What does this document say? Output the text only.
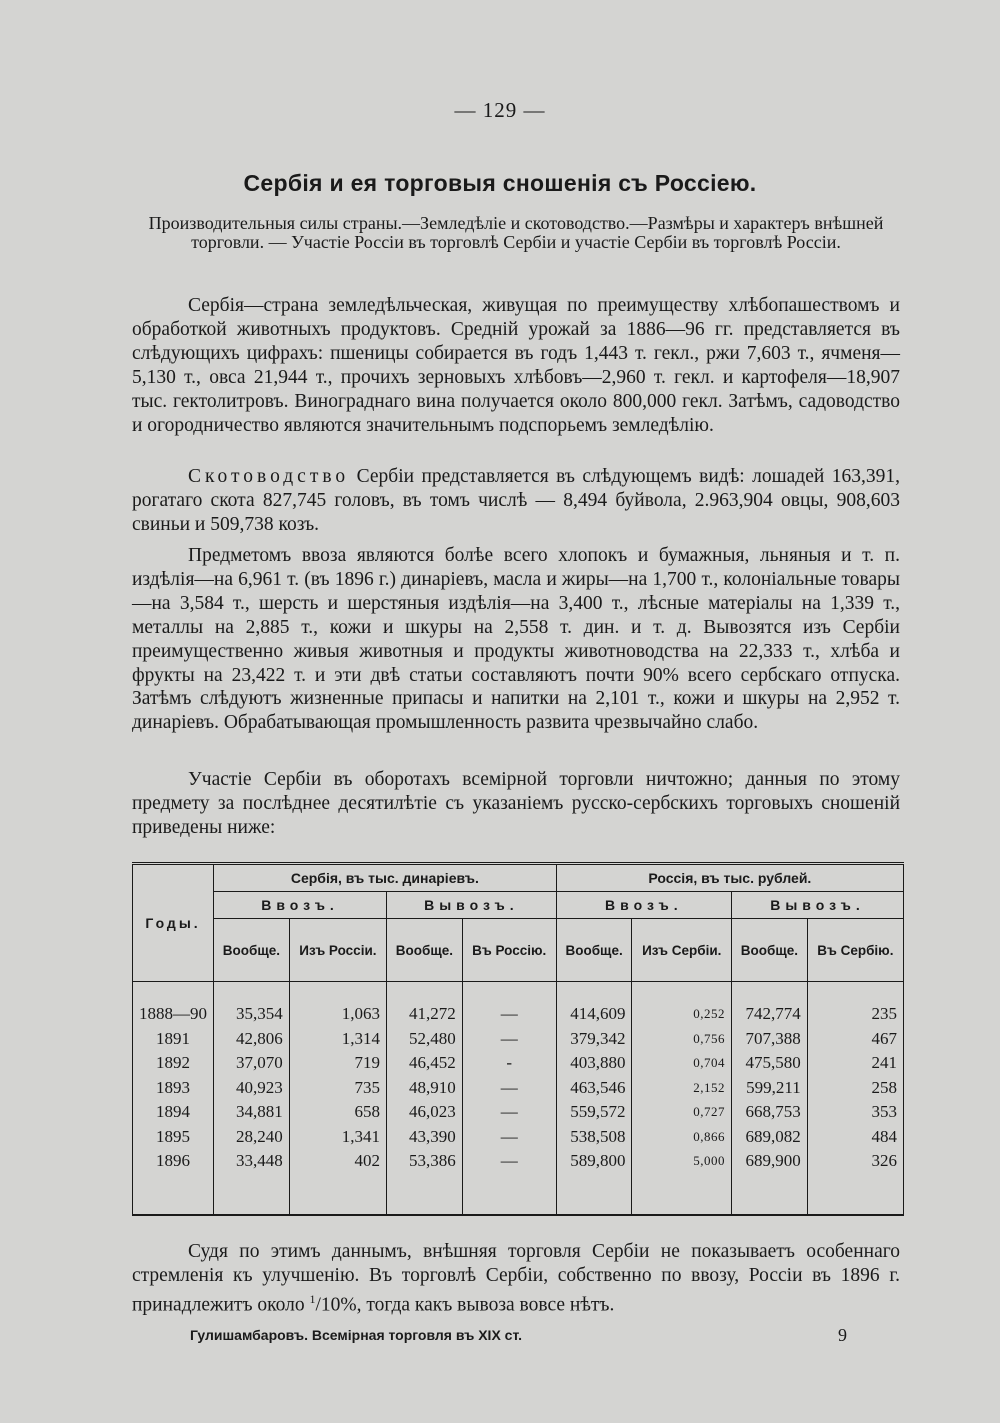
— 129 —
Сербія и ея торговыя сношенія съ Россіею.
Производительныя силы страны.—Земледѣліе и скотоводство.—Размѣры и характеръ внѣшней торговли. — Участіе Россіи въ торговлѣ Сербіи и участіе Сербіи въ торговлѣ Россіи.

Сербія—страна земледѣльческая, живущая по преимуществу хлѣбопашествомъ и обработкой животныхъ продуктовъ. Средній урожай за 1886—96 гг. представляется въ слѣдующихъ цифрахъ: пшеницы собирается въ годъ 1,443 т. гекл., ржи 7,603 т., ячменя—5,130 т., овса 21,944 т., прочихъ зерновыхъ хлѣбовъ—2,960 т. гекл. и картофеля—18,907 тыс. гектолитровъ. Винограднаго вина получается около 800,000 гекл. Затѣмъ, садоводство и огородничество являются значительнымъ подспорьемъ земледѣлію.

Скотоводство Сербіи представляется въ слѣдующемъ видѣ: лошадей 163,391, рогатаго скота 827,745 головъ, въ томъ числѣ — 8,494 буйвола, 2.963,904 овцы, 908,603 свиньи и 509,738 козъ.

Предметомъ ввоза являются болѣе всего хлопокъ и бумажныя, льняныя и т. п. издѣлія—на 6,961 т. (въ 1896 г.) динаріевъ, масла и жиры—на 1,700 т., колоніальные товары—на 3,584 т., шерсть и шерстяныя издѣлія—на 3,400 т., лѣсные матеріалы на 1,339 т., металлы на 2,885 т., кожи и шкуры на 2,558 т. дин. и т. д. Вывозятся изъ Сербіи преимущественно живыя животныя и продукты животноводства на 22,333 т., хлѣба и фрукты на 23,422 т. и эти двѣ статьи составляютъ почти 90% всего сербскаго отпуска. Затѣмъ слѣдуютъ жизненные припасы и напитки на 2,101 т., кожи и шкуры на 2,952 т. динаріевъ. Обрабатывающая промышленность развита чрезвычайно слабо.

Участіе Сербіи въ оборотахъ всемірной торговли ничтожно; данныя по этому предмету за послѣднее десятилѣтіе съ указаніемъ русско-сербскихъ торговыхъ сношеній приведены ниже:

Годы.	Сербія, въ тыс. динаріевъ.				Россія, въ тыс. рублей.			
	Ввозъ.		Вывозъ.		Ввозъ.		Вывозъ.	
	Вообще.	Изъ Россіи.	Вообще.	Въ Россію.	Вообще.	Изъ Сербіи.	Вообще.	Въ Сербію.

1888—90	35,354	1,063	41,272	—	414,609	0,252	742,774	235
1891	42,806	1,314	52,480	—	379,342	0,756	707,388	467
1892	37,070	719	46,452	-	403,880	0,704	475,580	241
1893	40,923	735	48,910	—	463,546	2,152	599,211	258
1894	34,881	658	46,023	—	559,572	0,727	668,753	353
1895	28,240	1,341	43,390	—	538,508	0,866	689,082	484
1896	33,448	402	53,386	—	589,800	5,000	689,900	326

Судя по этимъ даннымъ, внѣшняя торговля Сербіи не показываетъ особеннаго стремленія къ улучшенію. Въ торговлѣ Сербіи, собственно по ввозу, Россіи въ 1896 г. принадлежитъ около $^1$/10%, тогда какъ вывоза вовсе нѣтъ.

Гулишамбаровъ. Всемірная торговля въ XIX ст.	9
